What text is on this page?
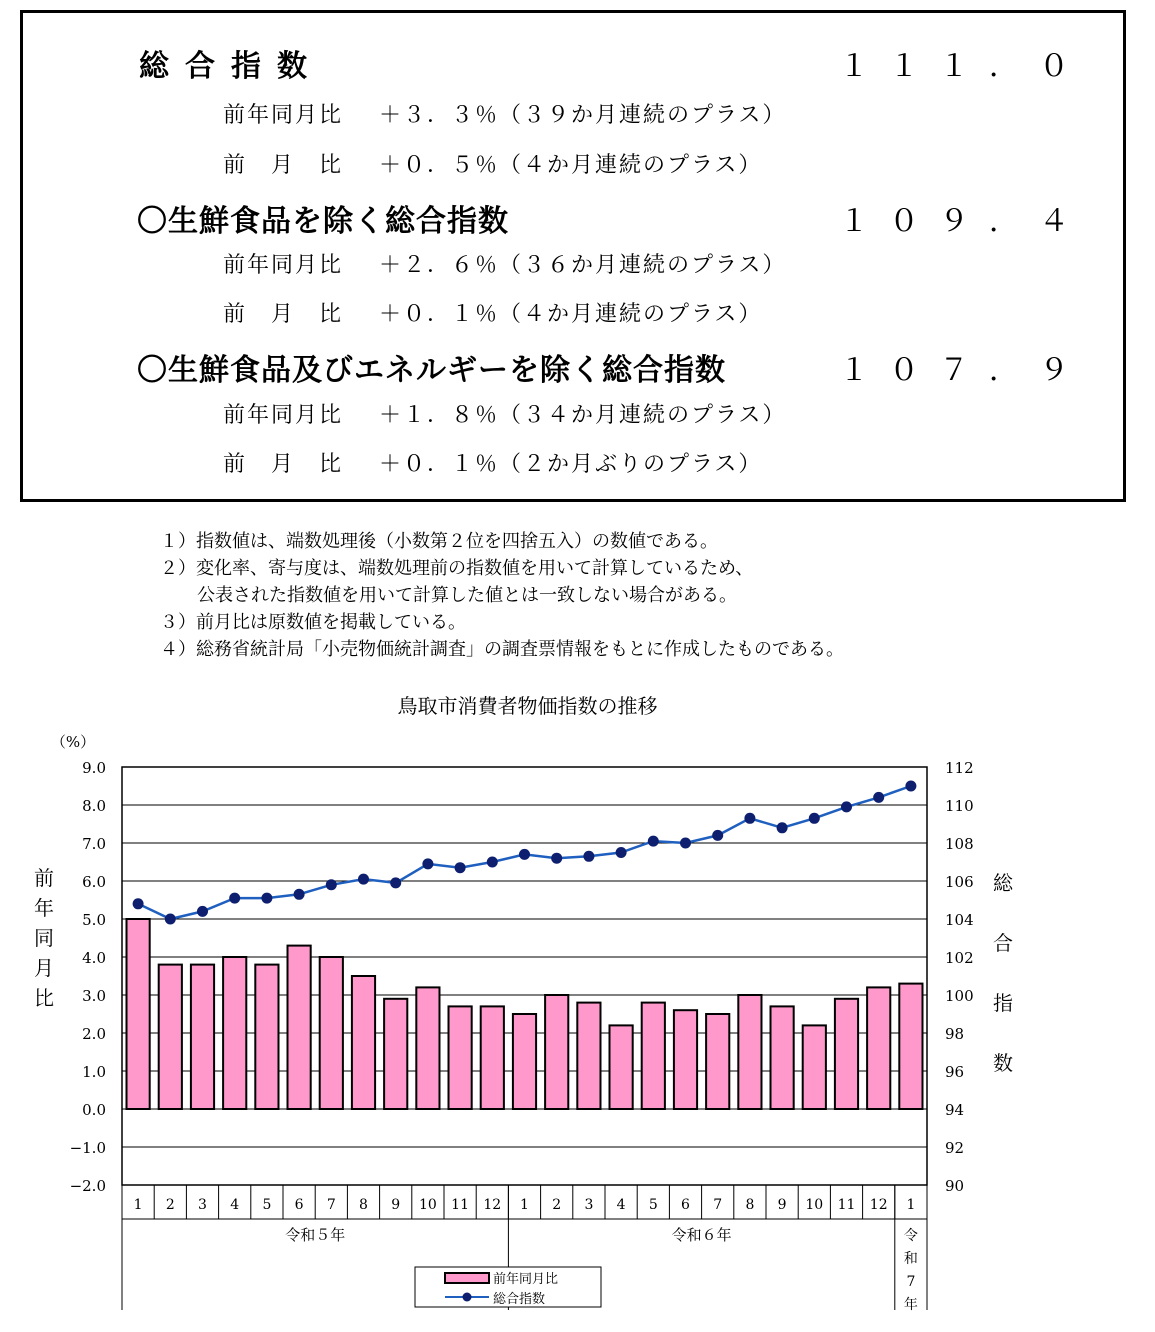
総合指数	１１１．０
前年同月比 ＋３．３％（３９か月連続のプラス）
前　月　比 ＋０．５％（４か月連続のプラス）
〇生鮮食品を除く総合指数	１０９．４
前年同月比 ＋２．６％（３６か月連続のプラス）
前　月　比 ＋０．１％（４か月連続のプラス）
〇生鮮食品及びエネルギーを除く総合指数	１０７．９
前年同月比 ＋１．８％（３４か月連続のプラス）
前　月　比 ＋０．１％（２か月ぶりのプラス）
１）指数値は、端数処理後（小数第２位を四捨五入）の数値である。
２）変化率、寄与度は、端数処理前の指数値を用いて計算しているため、
公表された指数値を用いて計算した値とは一致しない場合がある。
３）前月比は原数値を掲載している。
４）総務省統計局「小売物価統計調査」の調査票情報をもとに作成したものである。
鳥取市消費者物価指数の推移
9.0
8.0
7.0
6.0
5.0
4.0
3.0
2.0
1.0
0.0
−1.0
−2.0
112
110
108
106
104
102
100
98
96
94
92
90
1 2 3 4 5 6 7 8 9 10 11 12 1 2 3 4 5 6 7 8 9 10 11 12 1
令和５年	令和６年	令
和
7
年
（%）
前
年
同
月
比
総
合
指
数
前年同月比
総合指数
